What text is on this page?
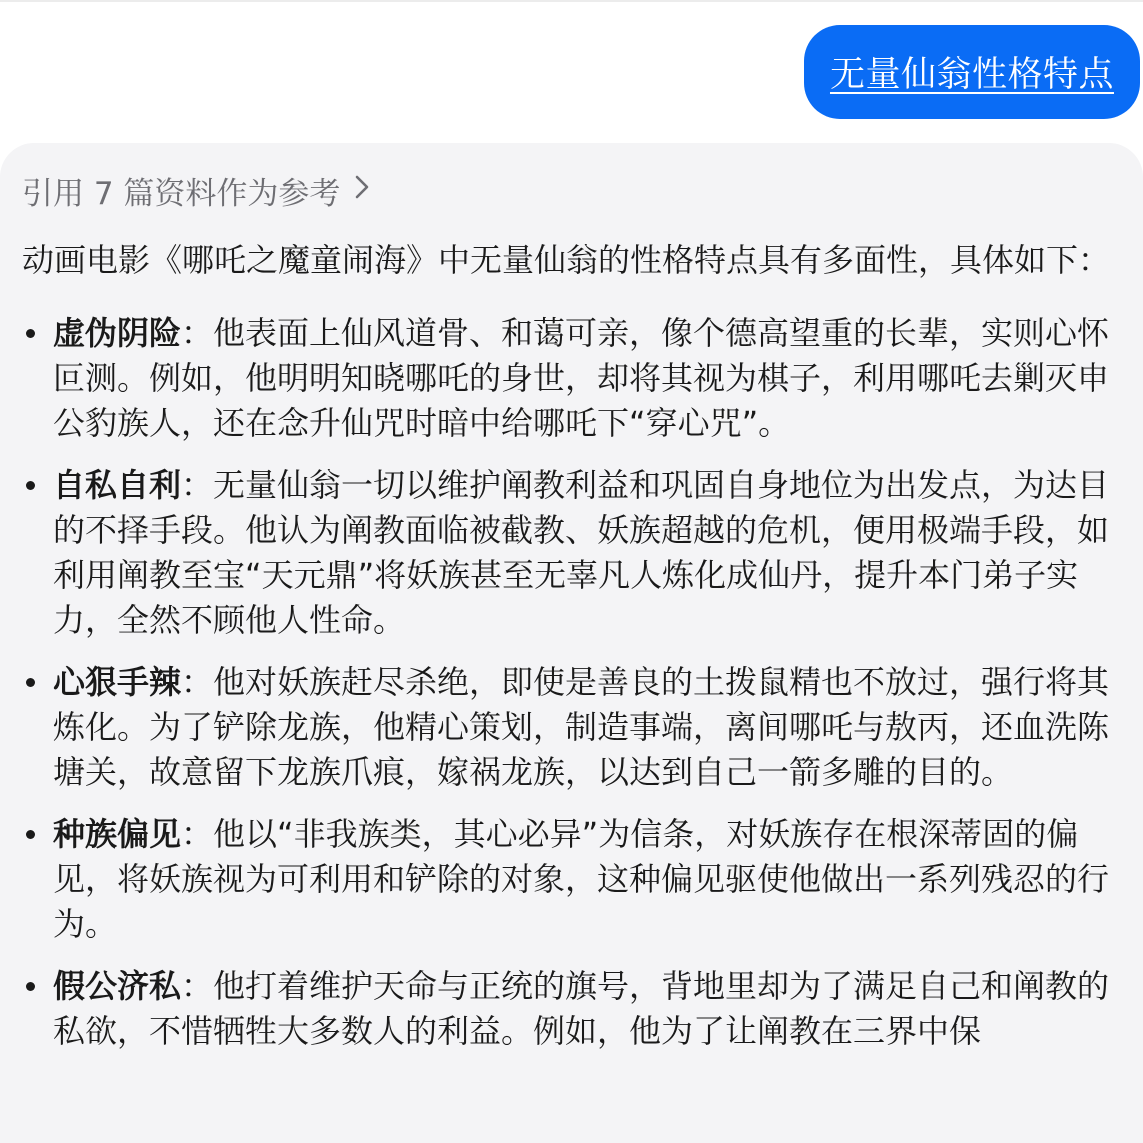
无量仙翁性格特点
引用 7 篇资料作为参考

动画电影《哪吒之魔童闹海》中无量仙翁的性格特点具有多面性，具体如下：

虚伪阴险：他表面上仙风道骨、和蔼可亲，像个德高望重的长辈，实则心怀叵测。例如，他明明知晓哪吒的身世，却将其视为棋子，利用哪吒去剿灭申公豹族人，还在念升仙咒时暗中给哪吒下“穿心咒”。
自私自利：无量仙翁一切以维护阐教利益和巩固自身地位为出发点，为达目的不择手段。他认为阐教面临被截教、妖族超越的危机，便用极端手段，如利用阐教至宝“天元鼎”将妖族甚至无辜凡人炼化成仙丹，提升本门弟子实力，全然不顾他人性命。
心狠手辣：他对妖族赶尽杀绝，即使是善良的土拨鼠精也不放过，强行将其炼化。为了铲除龙族，他精心策划，制造事端，离间哪吒与敖丙，还血洗陈塘关，故意留下龙族爪痕，嫁祸龙族，以达到自己一箭多雕的目的。
种族偏见：他以“非我族类，其心必异”为信条，对妖族存在根深蒂固的偏见，将妖族视为可利用和铲除的对象，这种偏见驱使他做出一系列残忍的行为。
假公济私：他打着维护天命与正统的旗号，背地里却为了满足自己和阐教的私欲，不惜牺牲大多数人的利益。例如，他为了让阐教在三界中保
